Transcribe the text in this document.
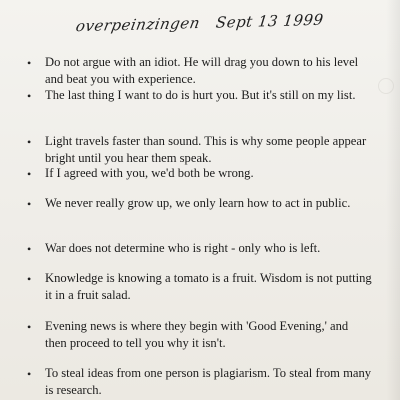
overpeinzingen Sept 13 1999
•	Do not argue with an idiot. He will drag you down to his level and beat you with experience.
•	The last thing I want to do is hurt you. But it's still on my list.
•	Light travels faster than sound. This is why some people appear bright until you hear them speak.
•	If I agreed with you, we'd both be wrong.
•	We never really grow up, we only learn how to act in public.
•	War does not determine who is right - only who is left.
•	Knowledge is knowing a tomato is a fruit. Wisdom is not putting it in a fruit salad.
•	Evening news is where they begin with 'Good Evening,' and then proceed to tell you why it isn't.
•	To steal ideas from one person is plagiarism. To steal from many is research.
